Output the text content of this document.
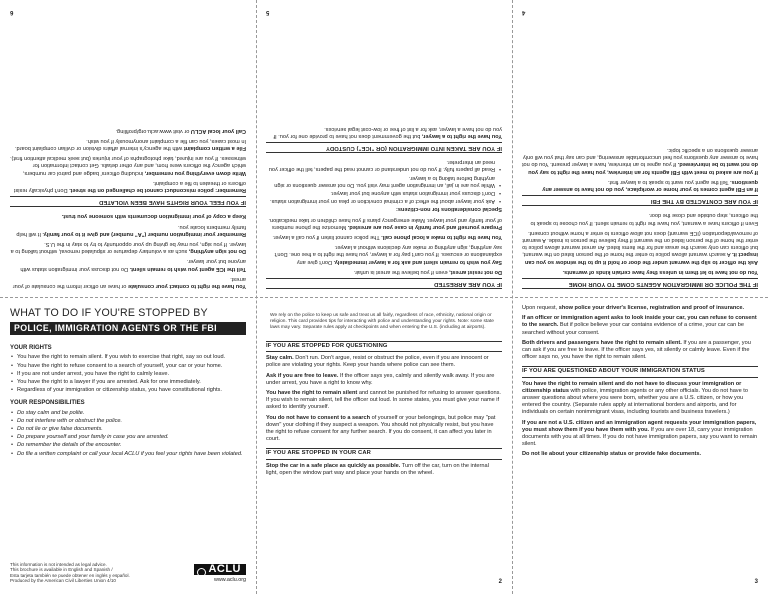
You have the right to contact your consulate or have an officer inform the consulate of your arrest.

Tell the ICE agent you wish to remain silent. Do not discuss your immigration status with anyone but your lawyer.

Do not sign anything, such as a voluntary departure or stipulated removal, without talking to a lawyer. If you sign, you may be giving up your opportunity to try to stay in the U.S.

Remember your immigration number ("A" number) and give it to your family. It will help family members locate you.

Keep a copy of your immigration documents with someone you trust.

IF YOU FEEL YOUR RIGHTS HAVE BEEN VIOLATED

Remember: police misconduct cannot be challenged on the street. Don't physically resist officers or threaten to file a complaint.

Write down everything you remember, including officers' badge and patrol car numbers, which agency the officers were from, and any other details. Get contact information for witnesses. If you are injured, take photographs of your injuries (but seek medical attention first).

File a written complaint with the agency's internal affairs division or civilian complaint board. In most cases, you can file a complaint anonymously if you wish.

Call your local ACLU or visit www.aclu.org/profiling.

6
IF YOU ARE ARRESTED

Do not resist arrest, even if you believe the arrest is unfair.

Say you wish to remain silent and ask for a lawyer immediately. Don't give any explanations or excuses. If you can't pay for a lawyer, you have the right to a free one. Don't say anything, sign anything or make any decisions without a lawyer.

You have the right to make a local phone call. The police cannot listen if you call a lawyer.

Prepare yourself and your family in case you are arrested. Memorize the phone numbers of your family and your lawyer. Make emergency plans if you have children or take medication.

Special considerations for non-citizens:

• Ask your lawyer about the effect of a criminal conviction or plea on your immigration status.
• Don't discuss your immigration status with anyone but your lawyer.
• While you are in jail, an immigration agent may visit you. Do not answer questions or sign anything before talking to a lawyer.
• Read all papers fully. If you do not understand or cannot read the papers, tell the officer you need an interpreter.
IF YOU ARE TAKEN INTO IMMIGRATION (OR "ICE") CUSTODY

You have the right to a lawyer, but the government does not have to provide one for you. If you do not have a lawyer, ask for a list of free or low-cost legal services.

5
IF THE POLICE OR IMMIGRATION AGENTS COME TO YOUR HOME

You do not have to let them in unless they have certain kinds of warrants.

Ask the officer to slip the warrant under the door or hold it up to the window so you can inspect it. A search warrant allows police to enter the home of the person listed on the warrant, but officers can only search the areas and for the items listed. An arrest warrant allows police to enter the home of the person listed on the warrant if they believe the person is inside. A warrant of removal/deportation (ICE warrant) does not allow officers to enter a home without consent.

Even if officers have a warrant, you have the right to remain silent. If you choose to speak to the officers, step outside and close the door.

IF YOU ARE CONTACTED BY THE FBI

If an FBI agent comes to your home or workplace, you do not have to answer any questions. Tell the agent you want to speak to a lawyer first.

If you are asked to meet with FBI agents for an interview, you have the right to say you do not want to be interviewed. If you agree to an interview, have a lawyer present. You do not have to answer any questions you feel uncomfortable answering, and can say that you will only answer questions on a specific topic.

4
WHAT TO DO IF YOU'RE STOPPED BY
POLICE, IMMIGRATION AGENTS OR THE FBI
YOUR RIGHTS
• You have the right to remain silent. If you wish to exercise that right, say so out loud.
• You have the right to refuse consent to a search of yourself, your car or your home.
• If you are not under arrest, you have the right to calmly leave.
• You have the right to a lawyer if you are arrested. Ask for one immediately.
• Regardless of your immigration or citizenship status, you have constitutional rights.
YOUR RESPONSIBILITIES
• Do stay calm and be polite.
• Do not interfere with or obstruct the police.
• Do not lie or give false documents.
• Do prepare yourself and your family in case you are arrested.
• Do remember the details of the encounter.
• Do file a written complaint or call your local ACLU if you feel your rights have been violated.
This information is not intended as legal advice.
This brochure is available in English and Spanish /
Esta tarjeta también se puede obtener en inglés y español.
Produced by the American Civil Liberties Union 4/10
ACLU
www.aclu.org
We rely on the police to keep us safe and treat us all fairly, regardless of race, ethnicity, national origin or religion. This card provides tips for interacting with police and understanding your rights. Note: some state laws may vary. Separate rules apply at checkpoints and when entering the U.S. (including at airports).
IF YOU ARE STOPPED FOR QUESTIONING

Stay calm. Don't run. Don't argue, resist or obstruct the police, even if you are innocent or police are violating your rights. Keep your hands where police can see them.

Ask if you are free to leave. If the officer says yes, calmly and silently walk away. If you are under arrest, you have a right to know why.

You have the right to remain silent and cannot be punished for refusing to answer questions. If you wish to remain silent, tell the officer out loud. In some states, you must give your name if asked to identify yourself.

You do not have to consent to a search of yourself or your belongings, but police may "pat down" your clothing if they suspect a weapon. You should not physically resist, but you have the right to refuse consent for any further search. If you do consent, it can affect you later in court.

IF YOU ARE STOPPED IN YOUR CAR

Stop the car in a safe place as quickly as possible. Turn off the car, turn on the internal light, open the window part way and place your hands on the wheel.

2

Upon request, show police your driver's license, registration and proof of insurance.

If an officer or immigration agent asks to look inside your car, you can refuse to consent to the search. But if police believe your car contains evidence of a crime, your car can be searched without your consent.

Both drivers and passengers have the right to remain silent. If you are a passenger, you can ask if you are free to leave. If the officer says yes, sit silently or calmly leave. Even if the officer says no, you have the right to remain silent.

IF YOU ARE QUESTIONED ABOUT YOUR IMMIGRATION STATUS

You have the right to remain silent and do not have to discuss your immigration or citizenship status with police, immigration agents or any other officials. You do not have to answer questions about where you were born, whether you are a U.S. citizen, or how you entered the country. (Separate rules apply at international borders and airports, and for individuals on certain nonimmigrant visas, including tourists and business travelers.)

If you are not a U.S. citizen and an immigration agent requests your immigration papers, you must show them if you have them with you. If you are over 18, carry your immigration documents with you at all times. If you do not have immigration papers, say you want to remain silent.

Do not lie about your citizenship status or provide fake documents.

3
